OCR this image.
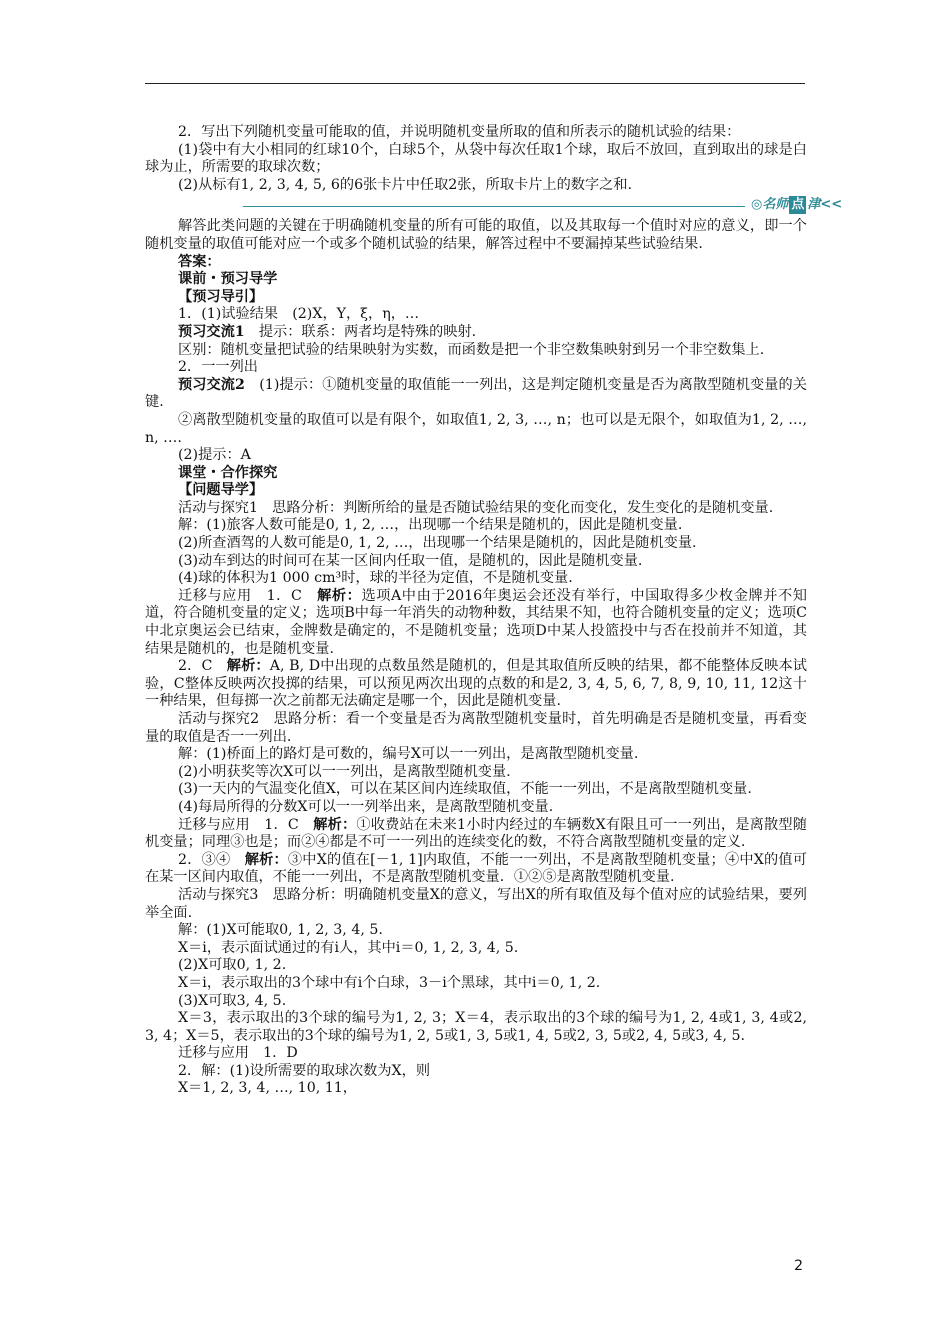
2．写出下列随机变量可能取的值，并说明随机变量所取的值和所表示的随机试验的结果：

(1)袋中有大小相同的红球10个，白球5个，从袋中每次任取1个球，取后不放回，直到取出的球是白球为止，所需要的取球次数；

(2)从标有1, 2, 3, 4, 5, 6的6张卡片中任取2张，所取卡片上的数字之和.

◎名师 点 津<<

解答此类问题的关键在于明确随机变量的所有可能的取值，以及其取每一个值时对应的意义，即一个随机变量的取值可能对应一个或多个随机试验的结果，解答过程中不要漏掉某些试验结果.

答案：

课前・预习导学

【预习导引】

1．(1)试验结果　(2)X，Y，ξ，η，…

预习交流1　提示：联系：两者均是特殊的映射.

区别：随机变量把试验的结果映射为实数，而函数是把一个非空数集映射到另一个非空数集上.

2．一一列出

预习交流2　(1)提示：①随机变量的取值能一一列出，这是判定随机变量是否为离散型随机变量的关键.

②离散型随机变量的取值可以是有限个，如取值1, 2, 3, …, n；也可以是无限个，如取值为1, 2, …, n, ….

(2)提示：A

课堂・合作探究

【问题导学】

活动与探究1　思路分析：判断所给的量是否随试验结果的变化而变化，发生变化的是随机变量.

解：(1)旅客人数可能是0, 1, 2, …，出现哪一个结果是随机的，因此是随机变量.

(2)所查酒驾的人数可能是0, 1, 2, …，出现哪一个结果是随机的，因此是随机变量.

(3)动车到达的时间可在某一区间内任取一值，是随机的，因此是随机变量.

(4)球的体积为1 000 cm³时，球的半径为定值，不是随机变量.

迁移与应用　1．C　解析：选项A中由于2016年奥运会还没有举行，中国取得多少枚金牌并不知道，符合随机变量的定义；选项B中每一年消失的动物种数，其结果不知，也符合随机变量的定义；选项C中北京奥运会已结束，金牌数是确定的，不是随机变量；选项D中某人投篮投中与否在投前并不知道，其结果是随机的，也是随机变量.

2．C　解析：A, B, D中出现的点数虽然是随机的，但是其取值所反映的结果，都不能整体反映本试验，C整体反映两次投掷的结果，可以预见两次出现的点数的和是2, 3, 4, 5, 6, 7, 8, 9, 10, 11, 12这十一种结果，但每掷一次之前都无法确定是哪一个，因此是随机变量.

活动与探究2　思路分析：看一个变量是否为离散型随机变量时，首先明确是否是随机变量，再看变量的取值是否一一列出.

解：(1)桥面上的路灯是可数的，编号X可以一一列出，是离散型随机变量.

(2)小明获奖等次X可以一一列出，是离散型随机变量.

(3)一天内的气温变化值X，可以在某区间内连续取值，不能一一列出，不是离散型随机变量.

(4)每局所得的分数X可以一一列举出来，是离散型随机变量.

迁移与应用　1．C　解析：①收费站在未来1小时内经过的车辆数X有限且可一一列出，是离散型随机变量；同理③也是；而②④都是不可一一列出的连续变化的数，不符合离散型随机变量的定义.

2．③④　解析：③中X的值在[－1, 1]内取值，不能一一列出，不是离散型随机变量；④中X的值可在某一区间内取值，不能一一列出，不是离散型随机变量．①②⑤是离散型随机变量.

活动与探究3　思路分析：明确随机变量X的意义，写出X的所有取值及每个值对应的试验结果，要列举全面.

解：(1)X可能取0, 1, 2, 3, 4, 5.

X＝i，表示面试通过的有i人，其中i＝0, 1, 2, 3, 4, 5.

(2)X可取0, 1, 2.

X＝i，表示取出的3个球中有i个白球，3－i个黑球，其中i＝0, 1, 2.

(3)X可取3, 4, 5.

X＝3，表示取出的3个球的编号为1, 2, 3；X＝4，表示取出的3个球的编号为1, 2, 4或1, 3, 4或2, 3, 4；X＝5，表示取出的3个球的编号为1, 2, 5或1, 3, 5或1, 4, 5或2, 3, 5或2, 4, 5或3, 4, 5.

迁移与应用　1．D

2．解：(1)设所需要的取球次数为X，则

X＝1, 2, 3, 4, …, 10, 11，

2
